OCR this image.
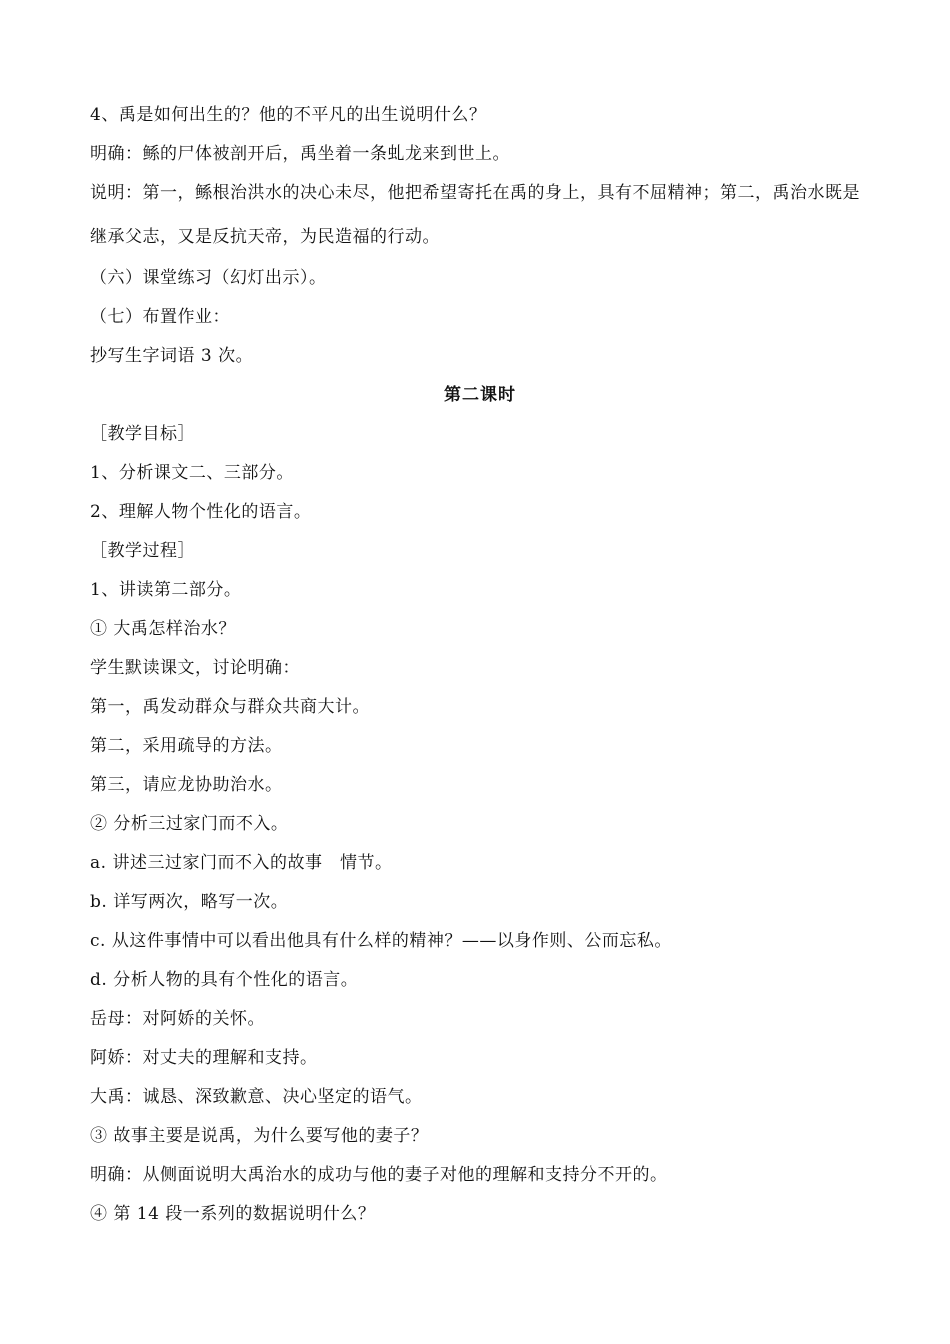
4、禹是如何出生的？他的不平凡的出生说明什么？
明确：鲧的尸体被剖开后，禹坐着一条虬龙来到世上。
说明：第一，鲧根治洪水的决心未尽，他把希望寄托在禹的身上，具有不屈精神；第二，禹治水既是继承父志，又是反抗天帝，为民造福的行动。
（六）课堂练习（幻灯出示）。
（七）布置作业：
抄写生字词语 3 次。
第二课时
［教学目标］
1、分析课文二、三部分。
2、理解人物个性化的语言。
［教学过程］
1、讲读第二部分。
① 大禹怎样治水？
学生默读课文，讨论明确：
第一，禹发动群众与群众共商大计。
第二，采用疏导的方法。
第三，请应龙协助治水。
② 分析三过家门而不入。
a. 讲述三过家门而不入的故事　情节。
b. 详写两次，略写一次。
c. 从这件事情中可以看出他具有什么样的精神？——以身作则、公而忘私。
d. 分析人物的具有个性化的语言。
岳母：对阿娇的关怀。
阿娇：对丈夫的理解和支持。
大禹：诚恳、深致歉意、决心坚定的语气。
③ 故事主要是说禹，为什么要写他的妻子？
明确：从侧面说明大禹治水的成功与他的妻子对他的理解和支持分不开的。
④ 第 14 段一系列的数据说明什么？
